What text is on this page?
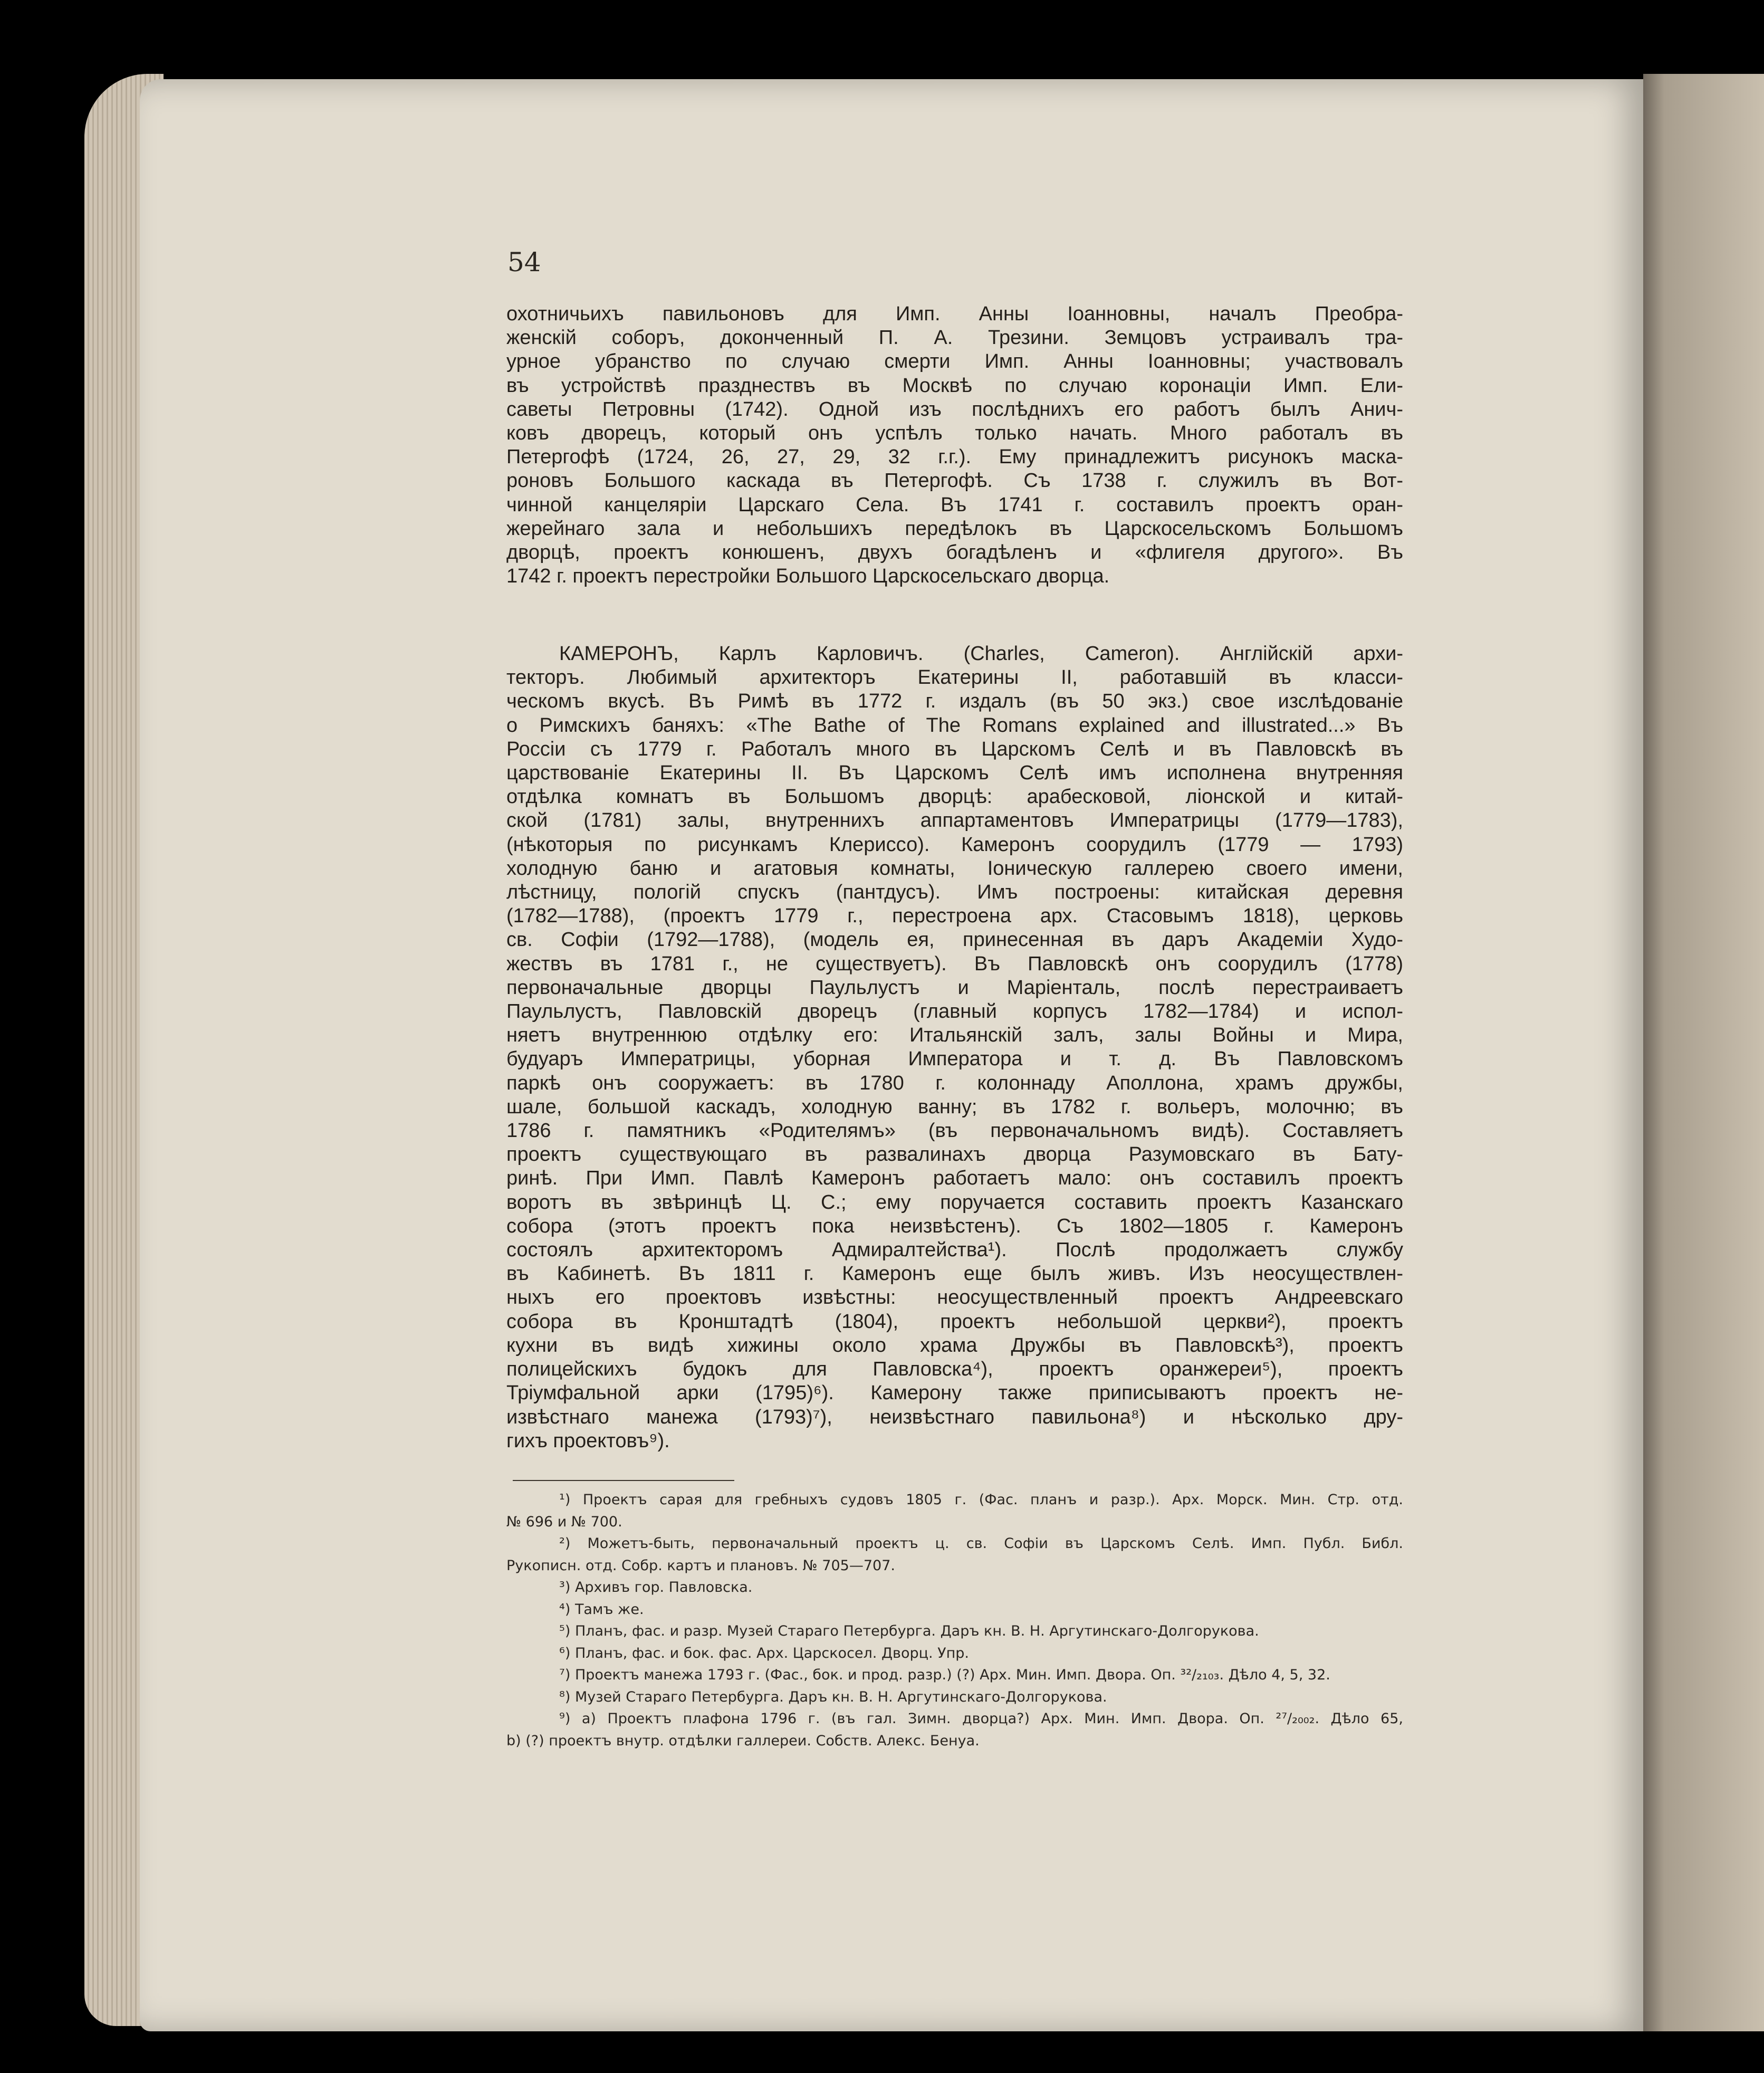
54
охотничьихъ павильоновъ для Имп. Анны Іоанновны, началъ Преобра-
женскій соборъ, доконченный П. А. Трезини. Земцовъ устраивалъ тра-
урное убранство по случаю смерти Имп. Анны Іоанновны; участвовалъ
въ устройствѣ празднествъ въ Москвѣ по случаю коронаціи Имп. Ели-
саветы Петровны (1742). Одной изъ послѣднихъ его работъ былъ Анич-
ковъ дворецъ, который онъ успѣлъ только начать. Много работалъ въ
Петергофѣ (1724, 26, 27, 29, 32 г.г.). Ему принадлежитъ рисунокъ маска-
роновъ Большого каскада въ Петергофѣ. Съ 1738 г. служилъ въ Вот-
чинной канцеляріи Царскаго Села. Въ 1741 г. составилъ проектъ оран-
жерейнаго зала и небольшихъ передѣлокъ въ Царскосельскомъ Большомъ
дворцѣ, проектъ конюшенъ, двухъ богадѣленъ и «флигеля другого». Въ
1742 г. проектъ перестройки Большого Царскосельскаго дворца.
КАМЕРОНЪ, Карлъ Карловичъ. (Charles, Cameron). Англійскій архи-
текторъ. Любимый архитекторъ Екатерины II, работавшій въ класси-
ческомъ вкусѣ. Въ Римѣ въ 1772 г. издалъ (въ 50 экз.) свое изслѣдованіе
о Римскихъ баняхъ: «The Bathe of The Romans explained and illustrated...» Въ
Россіи съ 1779 г. Работалъ много въ Царскомъ Селѣ и въ Павловскѣ въ
царствованіе Екатерины II. Въ Царскомъ Селѣ имъ исполнена внутренняя
отдѣлка комнатъ въ Большомъ дворцѣ: арабесковой, ліонской и китай-
ской (1781) залы, внутреннихъ аппартаментовъ Императрицы (1779—1783),
(нѣкоторыя по рисункамъ Клериссо). Камеронъ соорудилъ (1779 — 1793)
холодную баню и агатовыя комнаты, Іоническую галлерею своего имени,
лѣстницу, пологій спускъ (пантдусъ). Имъ построены: китайская деревня
(1782—1788), (проектъ 1779 г., перестроена арх. Стасовымъ 1818), церковь
св. Софіи (1792—1788), (модель ея, принесенная въ даръ Академіи Худо-
жествъ въ 1781 г., не существуетъ). Въ Павловскѣ онъ соорудилъ (1778)
первоначальные дворцы Паульлустъ и Маріенталь, послѣ перестраиваетъ
Паульлустъ, Павловскій дворецъ (главный корпусъ 1782—1784) и испол-
няетъ внутреннюю отдѣлку его: Итальянскій залъ, залы Войны и Мира,
будуаръ Императрицы, уборная Императора и т. д. Въ Павловскомъ
паркѣ онъ сооружаетъ: въ 1780 г. колоннаду Аполлона, храмъ дружбы,
шале, большой каскадъ, холодную ванну; въ 1782 г. вольеръ, молочню; въ
1786 г. памятникъ «Родителямъ» (въ первоначальномъ видѣ). Составляетъ
проектъ существующаго въ развалинахъ дворца Разумовскаго въ Бату-
ринѣ. При Имп. Павлѣ Камеронъ работаетъ мало: онъ составилъ проектъ
воротъ въ звѣринцѣ Ц. С.; ему поручается составить проектъ Казанскаго
собора (этотъ проектъ пока неизвѣстенъ). Съ 1802—1805 г. Камеронъ
состоялъ архитекторомъ Адмиралтейства¹). Послѣ продолжаетъ службу
въ Кабинетѣ. Въ 1811 г. Камеронъ еще былъ живъ. Изъ неосуществлен-
ныхъ его проектовъ извѣстны: неосуществленный проектъ Андреевскаго
собора въ Кронштадтѣ (1804), проектъ небольшой церкви²), проектъ
кухни въ видѣ хижины около храма Дружбы въ Павловскѣ³), проектъ
полицейскихъ будокъ для Павловска⁴), проектъ оранжереи⁵), проектъ
Тріумфальной арки (1795)⁶). Камерону также приписываютъ проектъ не-
извѣстнаго манежа (1793)⁷), неизвѣстнаго павильона⁸) и нѣсколько дру-
гихъ проектовъ⁹).
¹) Проектъ сарая для гребныхъ судовъ 1805 г. (Фас. планъ и разр.). Арх. Морск. Мин. Стр. отд.
№ 696 и № 700.
²) Можетъ-быть, первоначальный проектъ ц. св. Софіи въ Царскомъ Селѣ. Имп. Публ. Библ.
Рукописн. отд. Собр. картъ и плановъ. № 705—707.
³) Архивъ гор. Павловска.
⁴) Тамъ же.
⁵) Планъ, фас. и разр. Музей Стараго Петербурга. Даръ кн. В. Н. Аргутинскаго-Долгорукова.
⁶) Планъ, фас. и бок. фас. Арх. Царскосел. Дворц. Упр.
⁷) Проектъ манежа 1793 г. (Фас., бок. и прод. разр.) (?) Арх. Мин. Имп. Двора. Оп. ³²/₂₁₀₃. Дѣло 4, 5, 32.
⁸) Музей Стараго Петербурга. Даръ кн. В. Н. Аргутинскаго-Долгорукова.
⁹) а) Проектъ плафона 1796 г. (въ гал. Зимн. дворца?) Арх. Мин. Имп. Двора. Оп. ²⁷/₂₀₀₂. Дѣло 65,
b) (?) проектъ внутр. отдѣлки галлереи. Собств. Алекс. Бенуа.
